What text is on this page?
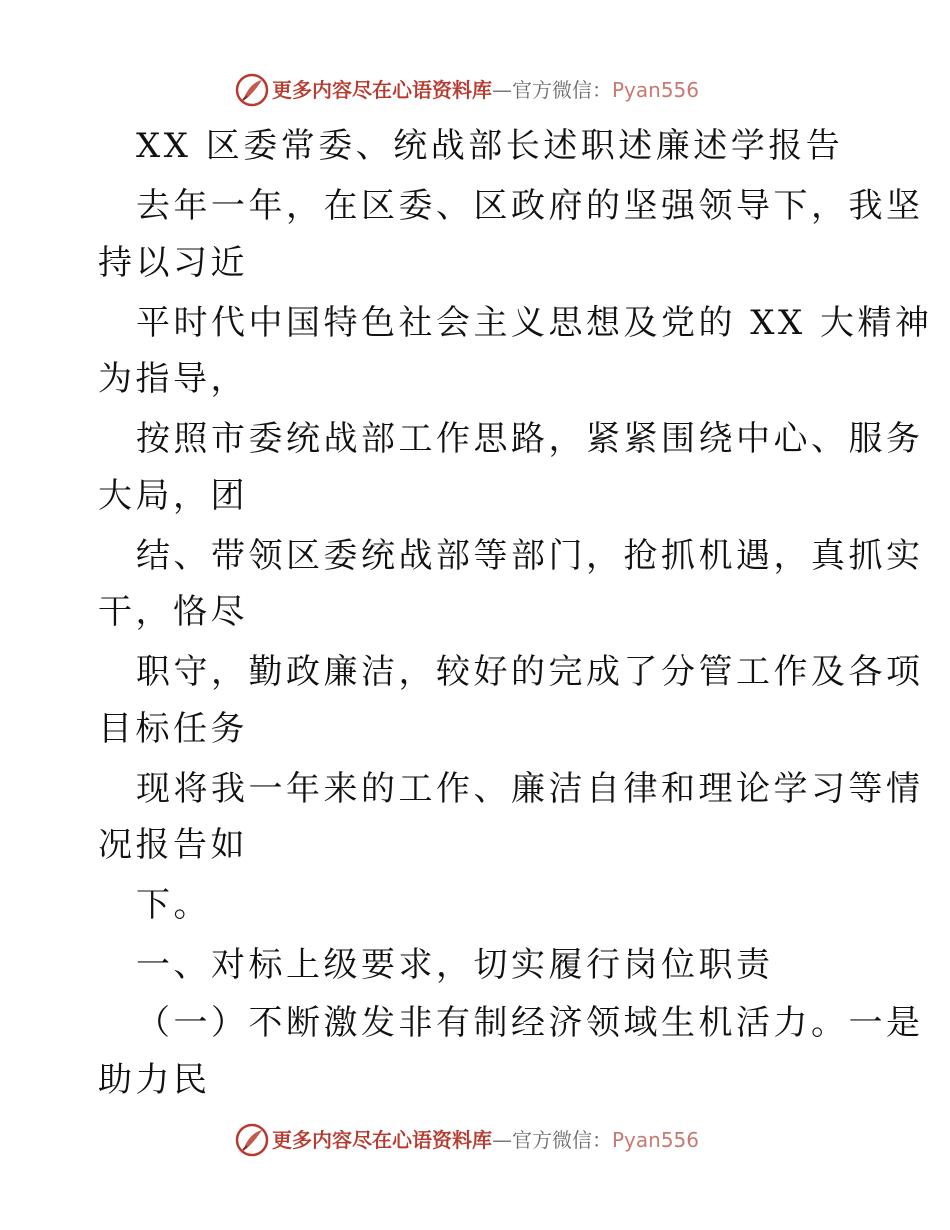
更多内容尽在心语资料库—官方微信：Pyan556
XX 区委常委、统战部长述职述廉述学报告
去年一年，在区委、区政府的坚强领导下，我坚
持以习近
平时代中国特色社会主义思想及党的 XX 大精神
为指导，
按照市委统战部工作思路，紧紧围绕中心、服务
大局，团
结、带领区委统战部等部门，抢抓机遇，真抓实
干，恪尽
职守，勤政廉洁，较好的完成了分管工作及各项
目标任务
现将我一年来的工作、廉洁自律和理论学习等情
况报告如
下。
一、对标上级要求，切实履行岗位职责
（一）不断激发非有制经济领域生机活力。一是
助力民
更多内容尽在心语资料库—官方微信：Pyan556
